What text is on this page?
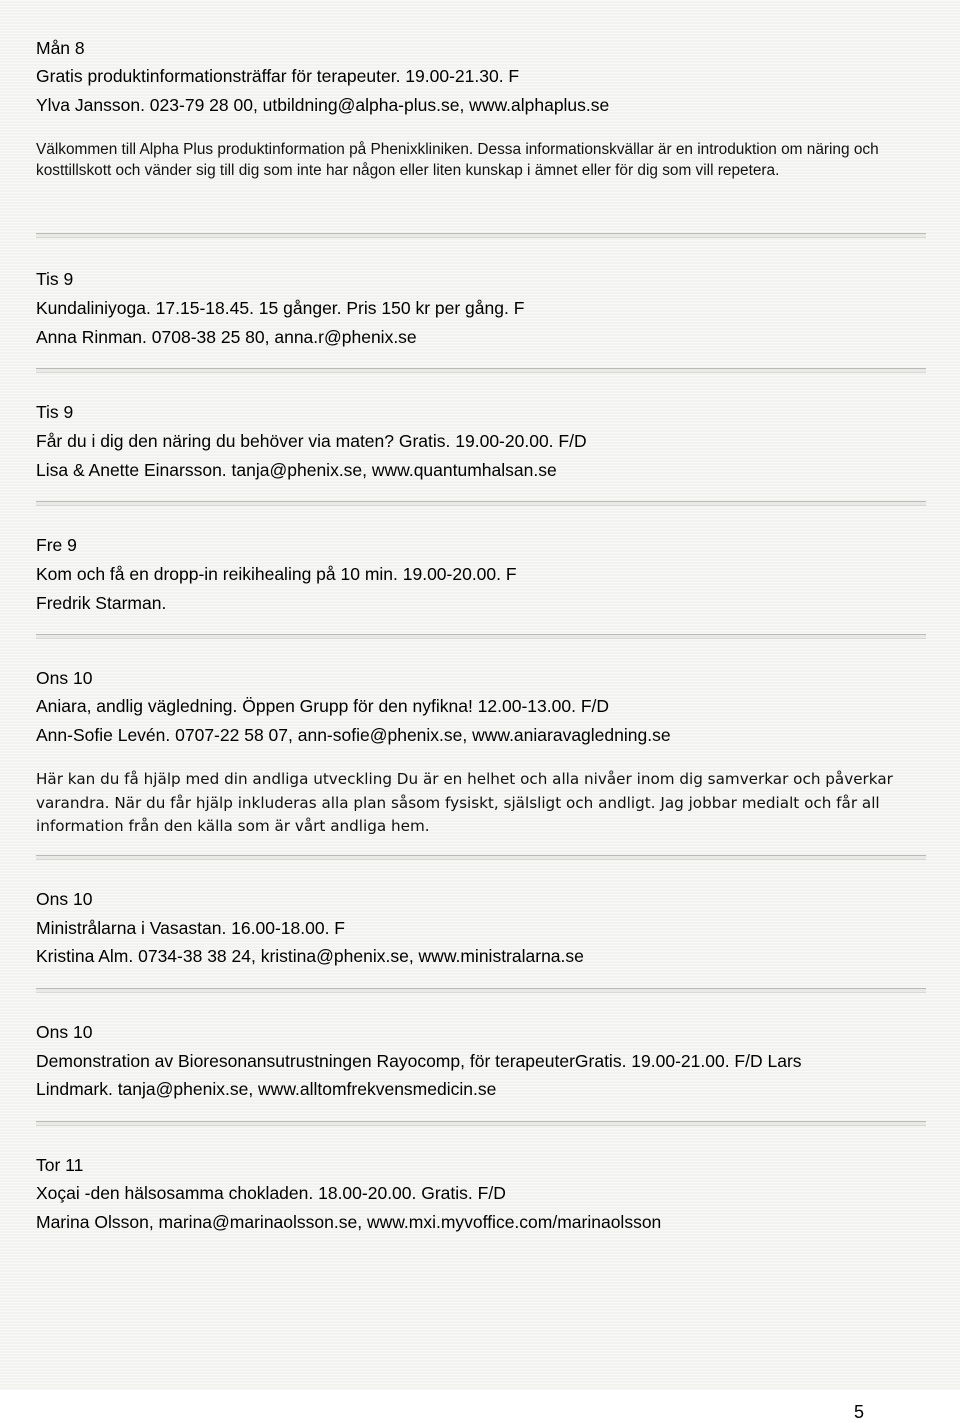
Mån 8
Gratis produktinformationsträffar för terapeuter. 19.00-21.30. F
Ylva Jansson. 023-79 28 00, utbildning@alpha-plus.se, www.alphaplus.se
Välkommen till Alpha Plus produktinformation på Phenixkliniken. Dessa informationskvällar är en introduktion om näring och kosttillskott och vänder sig till dig som inte har någon eller liten kunskap i ämnet eller för dig som vill repetera.
Tis 9
Kundaliniyoga. 17.15-18.45. 15 gånger. Pris 150 kr per gång. F
Anna Rinman. 0708-38 25 80, anna.r@phenix.se
Tis 9
Får du i dig den näring du behöver via maten? Gratis. 19.00-20.00. F/D
Lisa & Anette Einarsson. tanja@phenix.se, www.quantumhalsan.se
Fre 9
Kom och få en dropp-in reikihealing på 10 min. 19.00-20.00. F
Fredrik Starman.
Ons 10
Aniara, andlig vägledning. Öppen Grupp för den nyfikna! 12.00-13.00. F/D
Ann-Sofie Levén. 0707-22 58 07, ann-sofie@phenix.se, www.aniaravagledning.se
Här kan du få hjälp med din andliga utveckling Du är en helhet och alla nivåer inom dig samverkar och påverkar varandra. När du får hjälp inkluderas alla plan såsom fysiskt, själsligt och andligt. Jag jobbar medialt och får all information från den källa som är vårt andliga hem.
Ons 10
Ministrålarna i Vasastan. 16.00-18.00. F
Kristina Alm. 0734-38 38 24, kristina@phenix.se, www.ministralarna.se
Ons 10
Demonstration av Bioresonansutrustningen Rayocomp, för terapeuterGratis. 19.00-21.00. F/D Lars
Lindmark. tanja@phenix.se, www.alltomfrekvensmedicin.se
Tor 11
Xoçai -den hälsosamma chokladen. 18.00-20.00. Gratis. F/D
Marina Olsson, marina@marinaolsson.se, www.mxi.myvoffice.com/marinaolsson
5
